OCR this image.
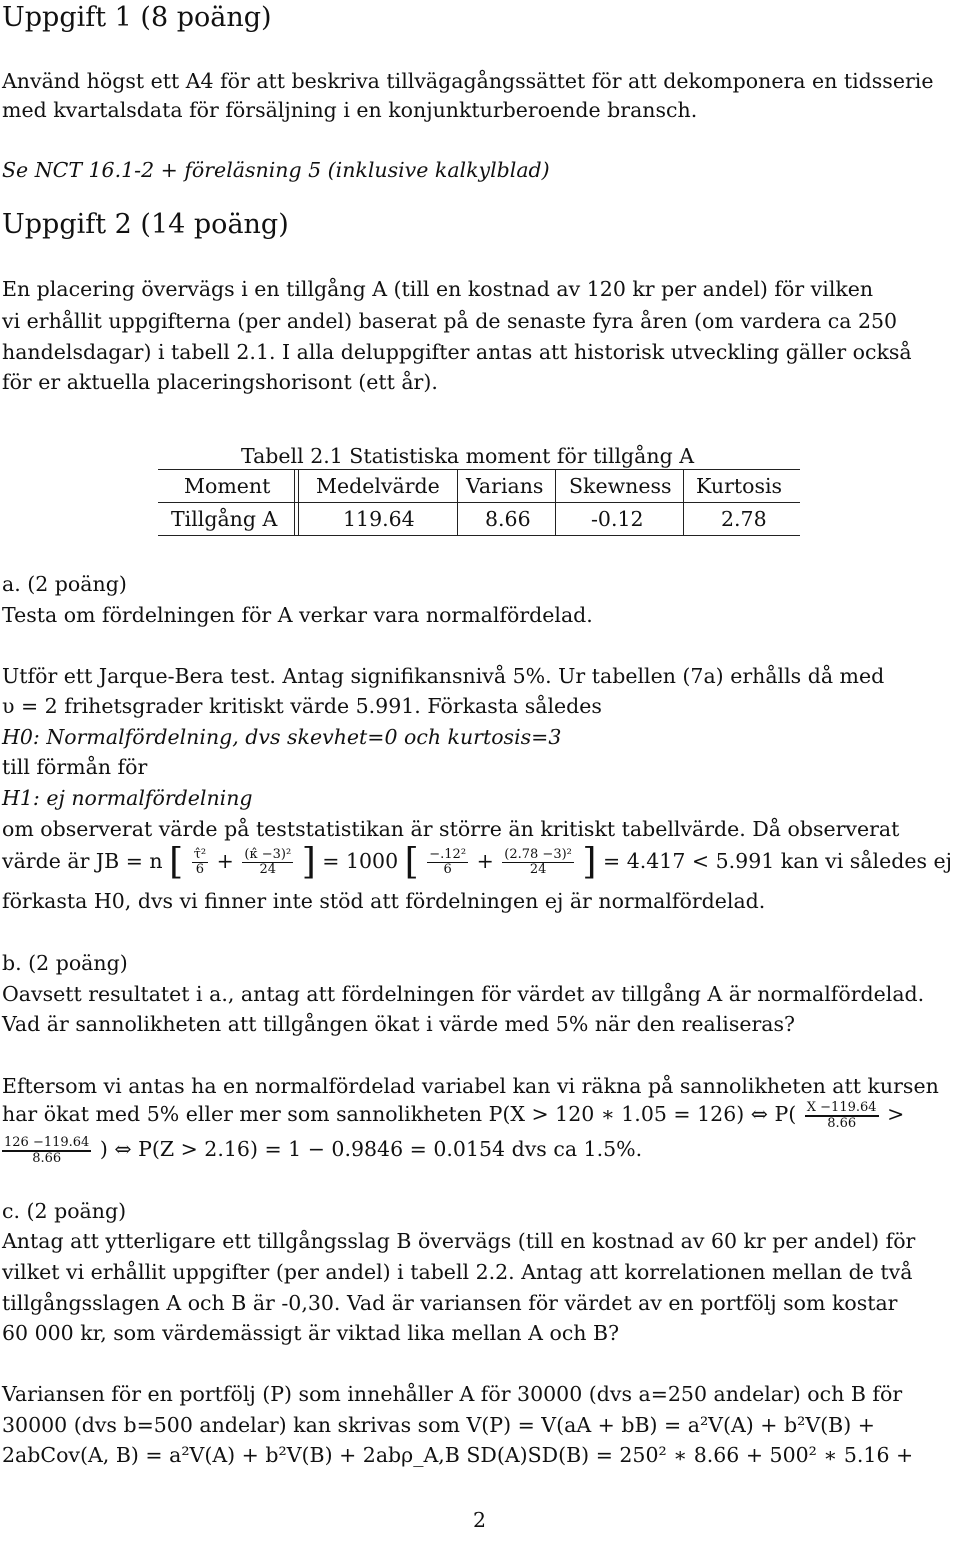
Uppgift 1 (8 poäng)
Använd högst ett A4 för att beskriva tillvägagångssättet för att dekomponera en tidsserie
med kvartalsdata för försäljning i en konjunkturberoende bransch.
Se NCT 16.1-2 + föreläsning 5 (inklusive kalkylblad)
Uppgift 2 (14 poäng)
En placering övervägs i en tillgång A (till en kostnad av 120 kr per andel) för vilken
vi erhållit uppgifterna (per andel) baserat på de senaste fyra åren (om vardera ca 250
handelsdagar) i tabell 2.1. I alla deluppgifter antas att historisk utveckling gäller också
för er aktuella placeringshorisont (ett år).
Tabell 2.1 Statistiska moment för tillgång A
Moment Medelvärde Varians Skewness Kurtosis
Tillgång A	119.64	8.66	-0.12	2.78
a. (2 poäng)
Testa om fördelningen för A verkar vara normalfördelad.
Utför ett Jarque-Bera test. Antag signifikansnivå 5%. Ur tabellen (7a) erhålls då med
υ = 2 frihetsgrader kritiskt värde 5.991. Förkasta således
H0: Normalfördelning, dvs skevhet=0 och kurtosis=3
till förmån för
H1: ej normalfördelning
om observerat värde på teststatistikan är större än kritiskt tabellvärde. Då observerat
värde är JB = n [ $\frac{\text{τ̂²}}{6} + \frac{\text{(κ̂ −3)²}}{24}$ ] = 1000 [ $\frac{\text{−.12²}}{6} + \frac{\text{(2.78 −3)²}}{24}$ ] = 4.417 < 5.991 kan vi således ej
förkasta H0, dvs vi finner inte stöd att fördelningen ej är normalfördelad.
b. (2 poäng)
Oavsett resultatet i a., antag att fördelningen för värdet av tillgång A är normalfördelad.
Vad är sannolikheten att tillgången ökat i värde med 5% när den realiseras?
Eftersom vi antas ha en normalfördelad variabel kan vi räkna på sannolikheten att kursen
har ökat med 5% eller mer som sannolikheten P(X > 120 ∗ 1.05 = 126) ⇔ $P( \frac{X -119.64}{8.66}$ >
$\frac{126 -119.64}{8.66}$ ) ⇔ P(Z > 2.16) = 1 − 0.9846 = 0.0154 dvs ca 1.5%.
c. (2 poäng)
Antag att ytterligare ett tillgångsslag B övervägs (till en kostnad av 60 kr per andel) för
vilket vi erhållit uppgifter (per andel) i tabell 2.2. Antag att korrelationen mellan de två
tillgångsslagen A och B är -0,30. Vad är variansen för värdet av en portfölj som kostar
60 000 kr, som värdemässigt är viktad lika mellan A och B?
Variansen för en portfölj (P) som innehåller A för 30000 (dvs a=250 andelar) och B för
30000 (dvs b=500 andelar) kan skrivas som V(P) = V(aA + bB) = a²V(A) + b²V(B) +
2abCov(A, B) = a²V(A) + b²V(B) + 2abρ_A,B SD(A)SD(B) = 250² ∗ 8.66 + 500² ∗ 5.16 +
2
